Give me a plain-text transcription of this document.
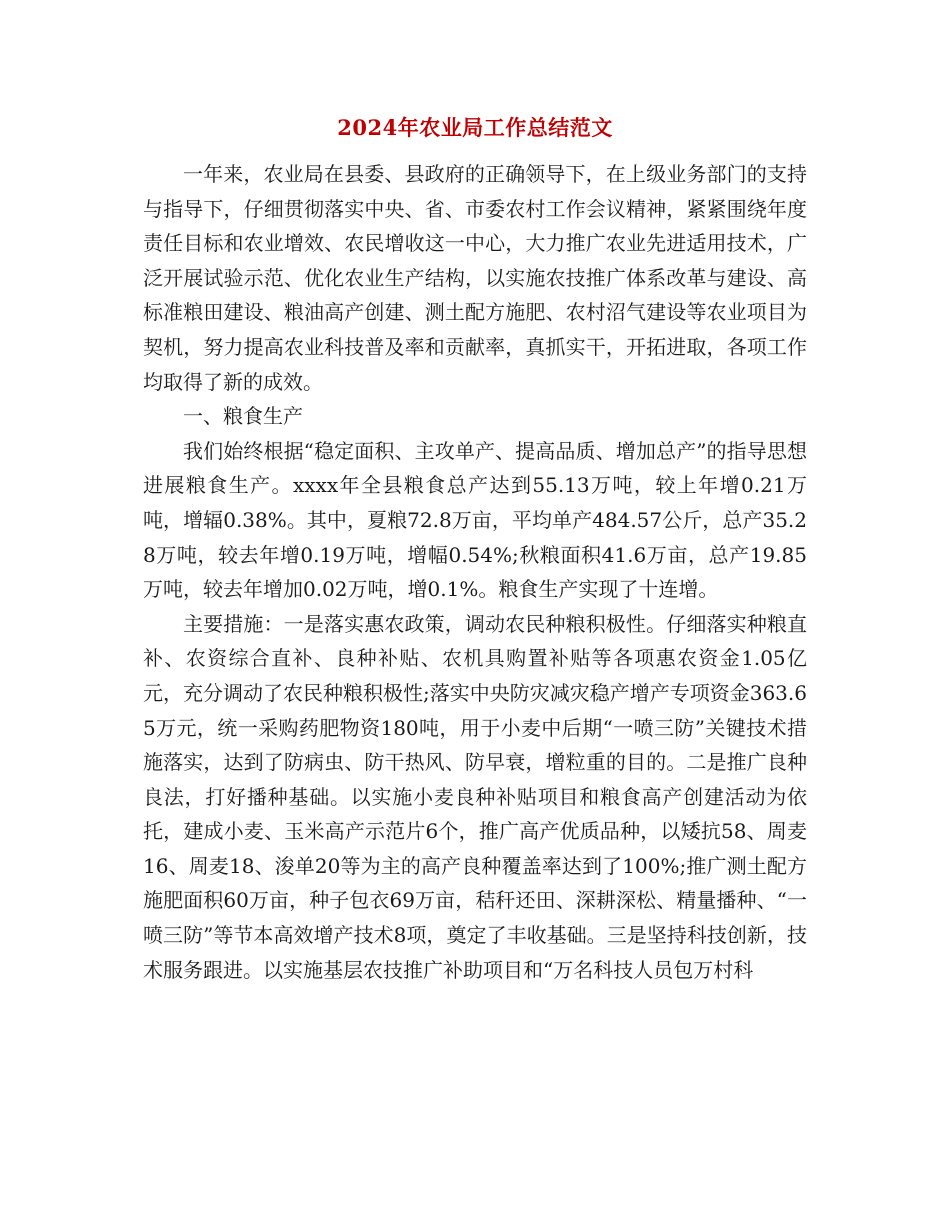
2024年农业局工作总结范文

一年来，农业局在县委、县政府的正确领导下，在上级业务部门的支持与指导下，仔细贯彻落实中央、省、市委农村工作会议精神，紧紧围绕年度责任目标和农业增效、农民增收这一中心，大力推广农业先进适用技术，广泛开展试验示范、优化农业生产结构，以实施农技推广体系改革与建设、高标准粮田建设、粮油高产创建、测土配方施肥、农村沼气建设等农业项目为契机，努力提高农业科技普及率和贡献率，真抓实干，开拓进取，各项工作均取得了新的成效。

一、粮食生产

我们始终根据“稳定面积、主攻单产、提高品质、增加总产”的指导思想进展粮食生产。xxxx年全县粮食总产达到55.13万吨，较上年增0.21万吨，增辐0.38%。其中，夏粮72.8万亩，平均单产484.57公斤，总产35.28万吨，较去年增0.19万吨，增幅0.54%;秋粮面积41.6万亩，总产19.85万吨，较去年增加0.02万吨，增0.1%。粮食生产实现了十连增。

主要措施：一是落实惠农政策，调动农民种粮积极性。仔细落实种粮直补、农资综合直补、良种补贴、农机具购置补贴等各项惠农资金1.05亿元，充分调动了农民种粮积极性;落实中央防灾减灾稳产增产专项资金363.65万元，统一采购药肥物资180吨，用于小麦中后期“一喷三防”关键技术措施落实，达到了防病虫、防干热风、防早衰，增粒重的目的。二是推广良种良法，打好播种基础。以实施小麦良种补贴项目和粮食高产创建活动为依托，建成小麦、玉米高产示范片6个，推广高产优质品种，以矮抗58、周麦16、周麦18、浚单20等为主的高产良种覆盖率达到了100%;推广测土配方施肥面积60万亩，种子包衣69万亩，秸秆还田、深耕深松、精量播种、“一喷三防”等节本高效增产技术8项，奠定了丰收基础。三是坚持科技创新，技术服务跟进。以实施基层农技推广补助项目和“万名科技人员包万村科
